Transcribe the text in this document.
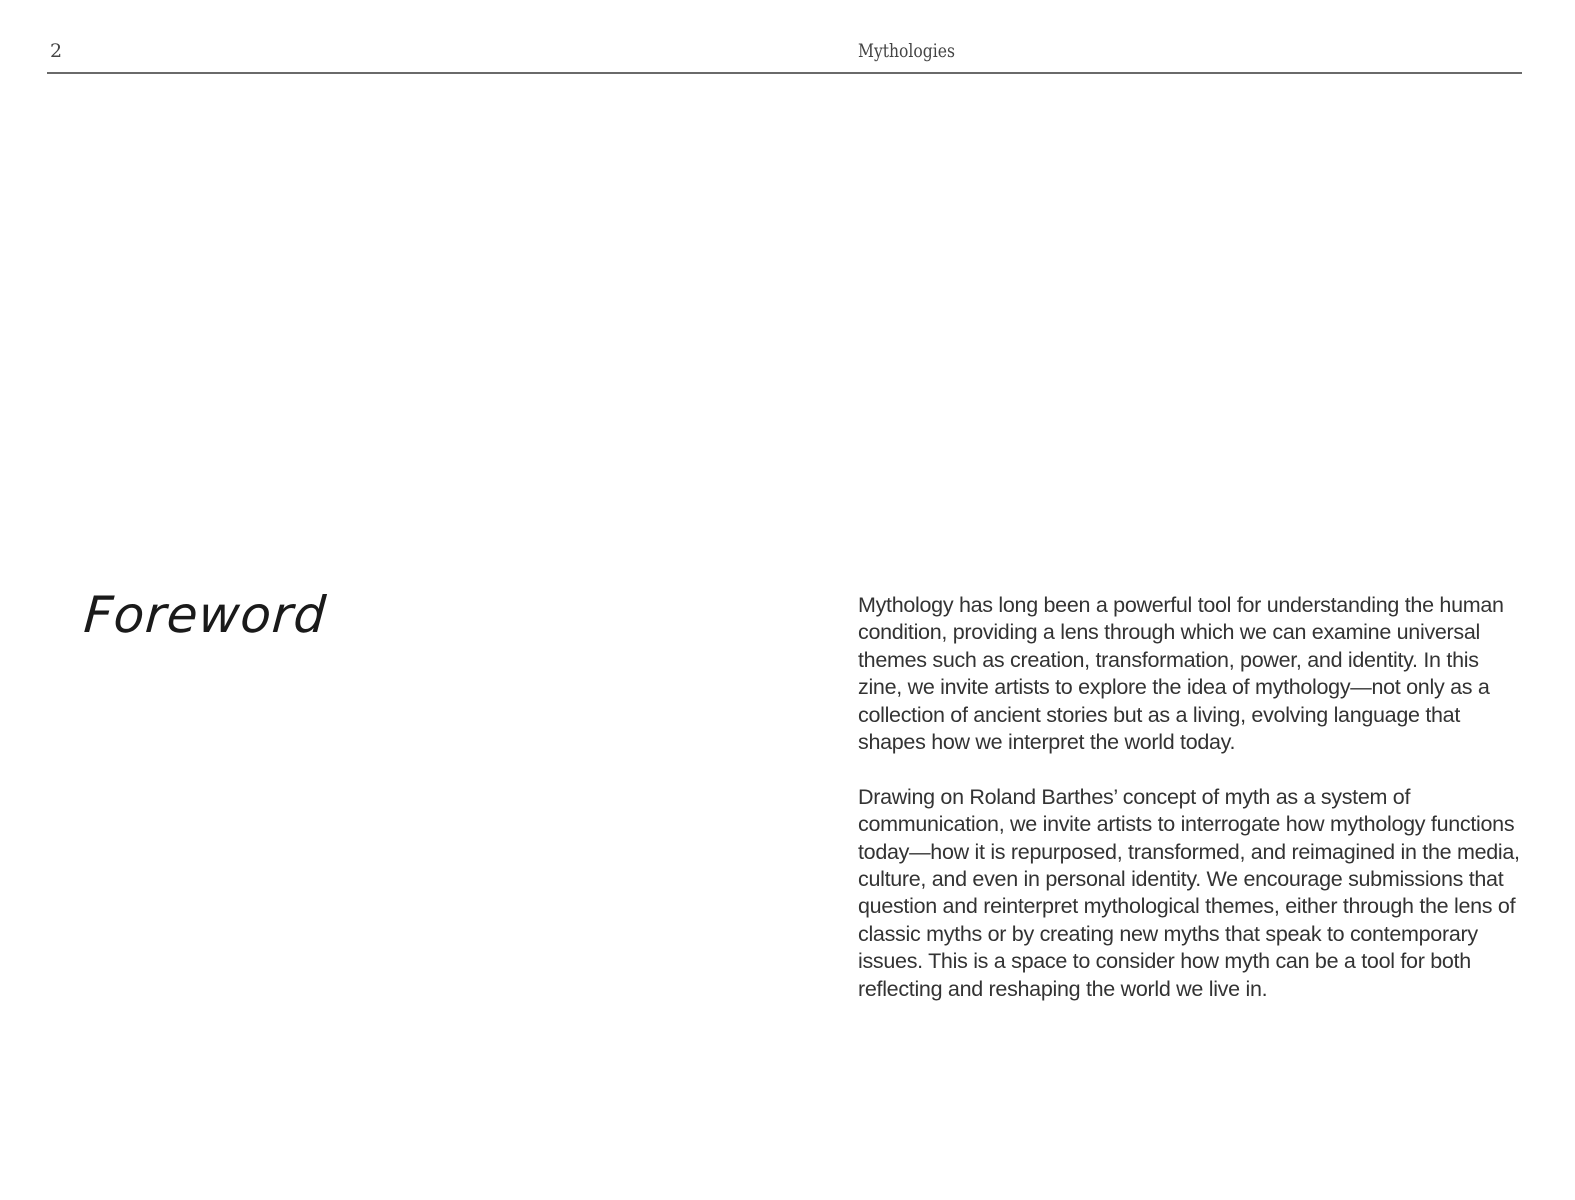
2	Mythologies
Foreword	Mythology has long been a powerful tool for understanding the human condition, providing a lens through which we can examine universal themes such as creation, transformation, power, and identity. In this zine, we invite artists to explore the idea of mythology—not only as a collection of ancient stories but as a living, evolving language that shapes how we interpret the world today.

Drawing on Roland Barthes’ concept of myth as a system of communication, we invite artists to interrogate how mythology functions today—how it is repurposed, transformed, and reimagined in the media, culture, and even in personal identity. We encourage submissions that question and reinterpret mythological themes, either through the lens of classic myths or by creating new myths that speak to contemporary issues. This is a space to consider how myth can be a tool for both reflecting and reshaping the world we live in.
